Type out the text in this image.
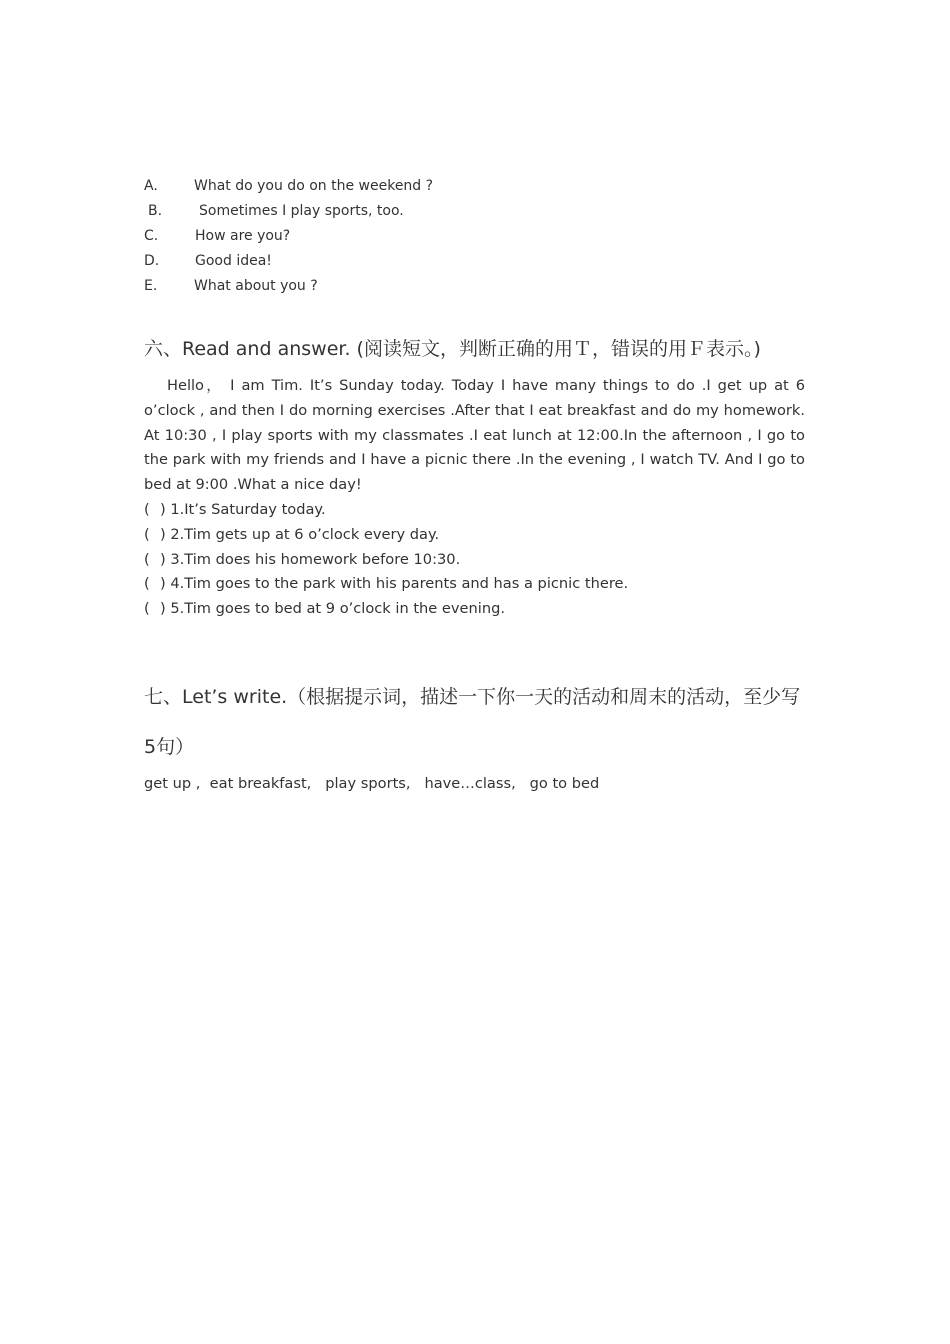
A.	What do you do on the weekend ?
B.	Sometimes I play sports, too.
C.	How are you?
D.	Good idea!
E.	What about you ?
六、Read and answer. (阅读短文，判断正确的用Ｔ，错误的用Ｆ表示。)
Hello， I am Tim. It’s Sunday today. Today I have many things to do .I get up at 6 o’clock , and then I do morning exercises .After that I eat breakfast and do my homework. At 10:30 , I play sports with my classmates .I eat lunch at 12:00.In the afternoon , I go to the park with my friends and I have a picnic there .In the evening , I watch TV. And I go to bed at 9:00 .What a nice day!
( ) 1.It’s Saturday today.
( ) 2.Tim gets up at 6 o’clock every day.
( ) 3.Tim does his homework before 10:30.
( ) 4.Tim goes to the park with his parents and has a picnic there.
( ) 5.Tim goes to bed at 9 o’clock in the evening.
七、Let’s write.（根据提示词，描述一下你一天的活动和周末的活动，至少写
5句）
get up ,  eat breakfast,   play sports,   have…class,   go to bed
